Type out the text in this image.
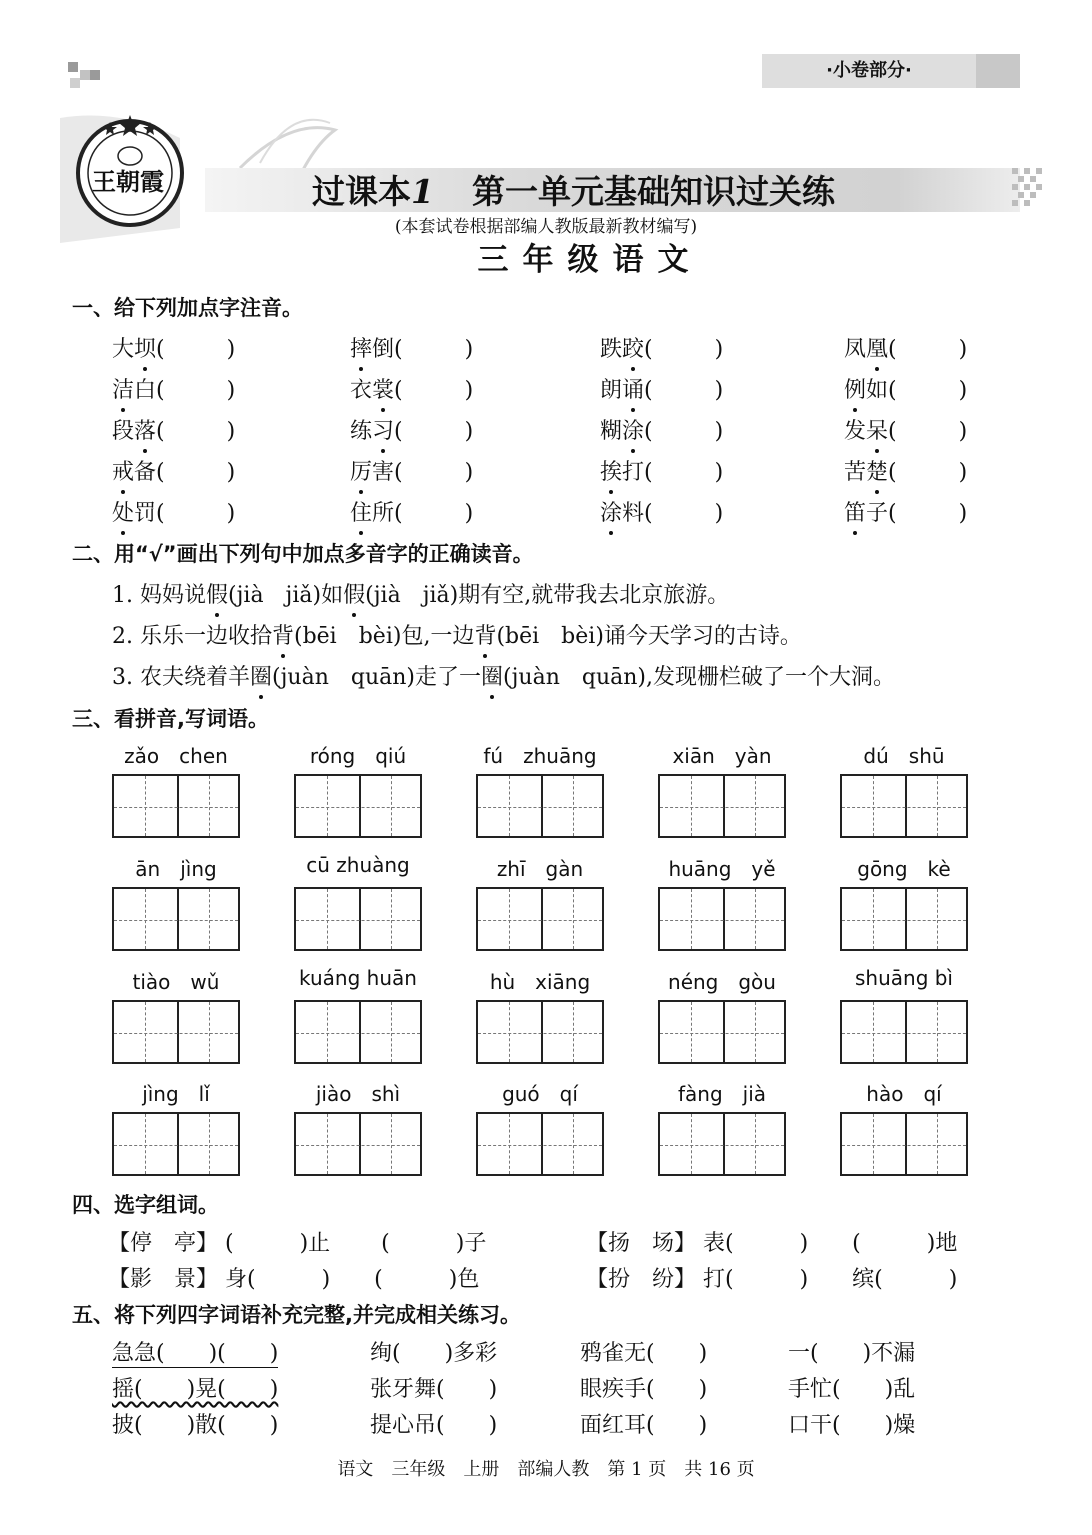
·小卷部分·
王朝霞	过课本1 第一单元基础知识过关练
(本套试卷根据部编人教版最新教材编写)
三年级语文
一、给下列加点字注音。
大坝(　　)	摔倒(　　)	跌跤(　　)	凤凰(　　)
洁白(　　)	衣裳(　　)	朗诵(　　)	例如(　　)
段落(　　)	练习(　　)	糊涂(　　)	发呆(　　)
戒备(　　)	厉害(　　)	挨打(　　)	苦楚(　　)
处罚(　　)	住所(　　)	涂料(　　)	笛子(　　)
二、用“√”画出下列句中加点多音字的正确读音。
1. 妈妈说假(jià　jiǎ)如假(jià　jiǎ)期有空,就带我去北京旅游。
2. 乐乐一边收拾背(bēi　bèi)包,一边背(bēi　bèi)诵今天学习的古诗。
3. 农夫绕着羊圈(juàn　quān)走了一圈(juàn　quān),发现栅栏破了一个大洞。
三、看拼音,写词语。
zǎo　chen	róng　qiú	fú　zhuāng	xiān　yàn	dú　shū
ān　jìng	cū zhuàng	zhī　gàn	huāng　yě	gōng　kè
tiào　wǔ	kuáng huān	hù　xiāng	néng　gòu	shuāng bì
jìng　lǐ	jiào　shì	guó　qí	fàng　jià	hào　qí
四、选字组词。
【停　亭】 (　　　)止　　 (　　　)子	【扬　场】 表(　　　)　　(　　　)地
【影　景】 身(　　　)　　(　　　)色	【扮　纷】 打(　　　)　　缤(　　　)
五、将下列四字词语补充完整,并完成相关练习。
急急(　　)(　　)	绚(　　)多彩	鸦雀无(　　)	一(　　)不漏
摇(　　)晃(　　)	张牙舞(　　)	眼疾手(　　)	手忙(　　)乱
披(　　)散(　　)	提心吊(　　)	面红耳(　　)	口干(　　)燥
语文　三年级　上册　部编人教　第 1 页　共 16 页
